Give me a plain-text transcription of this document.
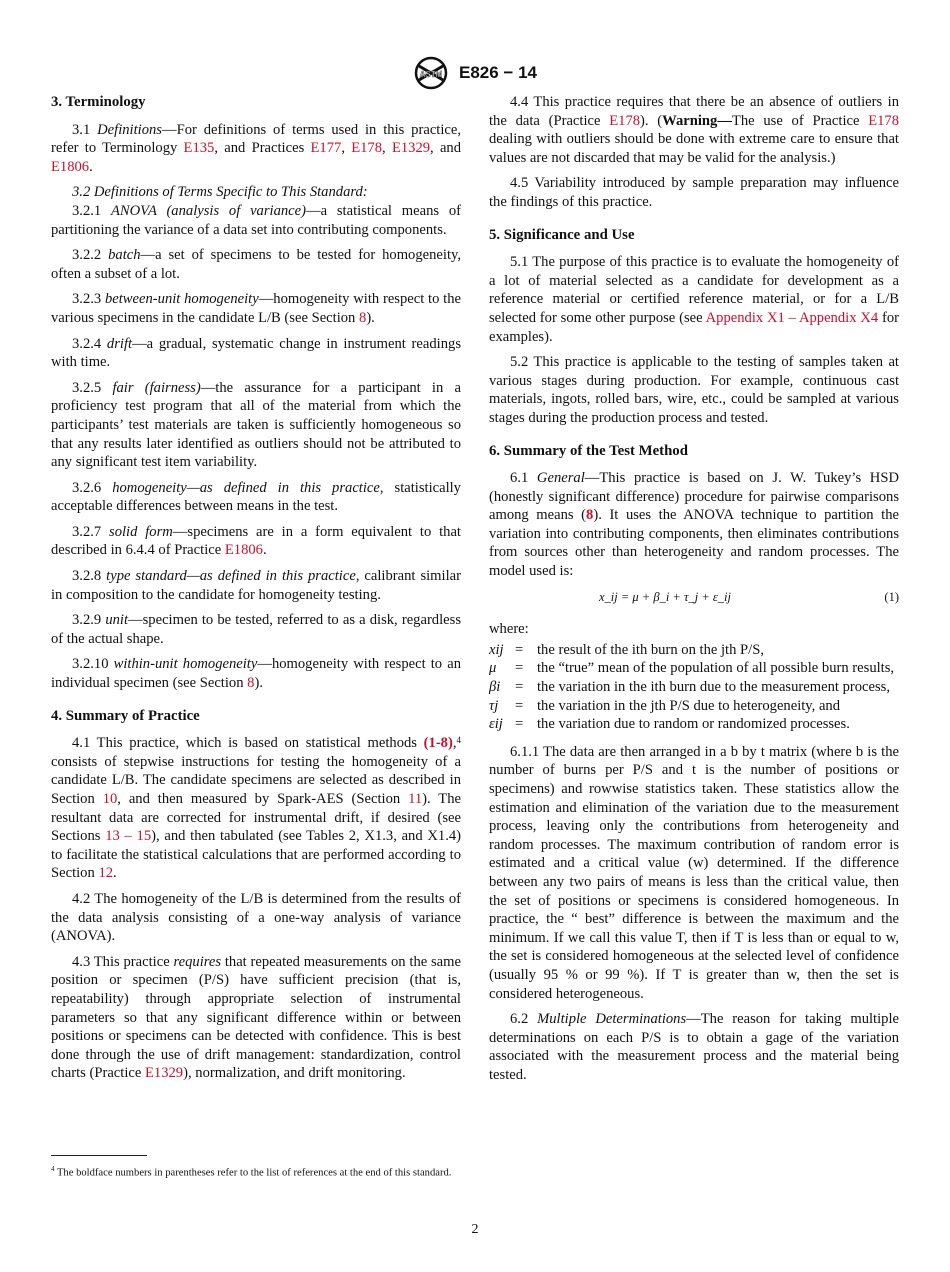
ASTM E826 − 14
3. Terminology

3.1 Definitions—For definitions of terms used in this practice, refer to Terminology E135, and Practices E177, E178, E1329, and E1806.

3.2 Definitions of Terms Specific to This Standard:

3.2.1 ANOVA (analysis of variance)—a statistical means of partitioning the variance of a data set into contributing components.

3.2.2 batch—a set of specimens to be tested for homogeneity, often a subset of a lot.

3.2.3 between-unit homogeneity—homogeneity with respect to the various specimens in the candidate L/B (see Section 8).

3.2.4 drift—a gradual, systematic change in instrument readings with time.

3.2.5 fair (fairness)—the assurance for a participant in a proficiency test program that all of the material from which the participants’ test materials are taken is sufficiently homogeneous so that any results later identified as outliers should not be attributed to any significant test item variability.

3.2.6 homogeneity—as defined in this practice, statistically acceptable differences between means in the test.

3.2.7 solid form—specimens are in a form equivalent to that described in 6.4.4 of Practice E1806.

3.2.8 type standard—as defined in this practice, calibrant similar in composition to the candidate for homogeneity testing.

3.2.9 unit—specimen to be tested, referred to as a disk, regardless of the actual shape.

3.2.10 within-unit homogeneity—homogeneity with respect to an individual specimen (see Section 8).

4. Summary of Practice

4.1 This practice, which is based on statistical methods (1-8),$^4$ consists of stepwise instructions for testing the homogeneity of a candidate L/B. The candidate specimens are selected as described in Section 10, and then measured by Spark-AES (Section 11). The resultant data are corrected for instrumental drift, if desired (see Sections 13 – 15), and then tabulated (see Tables 2, X1.3, and X1.4) to facilitate the statistical calculations that are performed according to Section 12.

4.2 The homogeneity of the L/B is determined from the results of the data analysis consisting of a one-way analysis of variance (ANOVA).

4.3 This practice requires that repeated measurements on the same position or specimen (P/S) have sufficient precision (that is, repeatability) through appropriate selection of instrumental parameters so that any significant difference within or between positions or specimens can be detected with confidence. This is best done through the use of drift management: standardization, control charts (Practice E1329), normalization, and drift monitoring.

$^4$ The boldface numbers in parentheses refer to the list of references at the end of this standard.

4.4 This practice requires that there be an absence of outliers in the data (Practice E178). (Warning—The use of Practice E178 dealing with outliers should be done with extreme care to ensure that values are not discarded that may be valid for the analysis.)

4.5 Variability introduced by sample preparation may influence the findings of this practice.

5. Significance and Use

5.1 The purpose of this practice is to evaluate the homogeneity of a lot of material selected as a candidate for development as a reference material or certified reference material, or for a L/B selected for some other purpose (see Appendix X1 – Appendix X4 for examples).

5.2 This practice is applicable to the testing of samples taken at various stages during production. For example, continuous cast materials, ingots, rolled bars, wire, etc., could be sampled at various stages during the production process and tested.

6. Summary of the Test Method

6.1 General—This practice is based on J. W. Tukey’s HSD (honestly significant difference) procedure for pairwise comparisons among means (8). It uses the ANOVA technique to partition the variation into contributing components, then eliminates contributions from sources other than heterogeneity and random processes. The model used is:

x_ij = μ + β_i + τ_j + ε_ij	(1)

where:

xij = the result of the ith burn on the jth P/S,
μ	= the “true” mean of the population of all possible burn results,
βi	= the variation in the ith burn due to the measurement process,
τj	= the variation in the jth P/S due to heterogeneity, and
εij = the variation due to random or randomized processes.

6.1.1 The data are then arranged in a b by t matrix (where b is the number of burns per P/S and t is the number of positions or specimens) and rowwise statistics taken. These statistics allow the estimation and elimination of the variation due to the measurement process, leaving only the contributions from heterogeneity and random processes. The maximum contribution of random error is estimated and a critical value (w) determined. If the difference between any two pairs of means is less than the critical value, then the set of positions or specimens is considered homogeneous. In practice, the “ best” difference is between the maximum and the minimum. If we call this value T, then if T is less than or equal to w, the set is considered homogeneous at the selected level of confidence (usually 95 % or 99 %). If T is greater than w, then the set is considered heterogeneous.

6.2 Multiple Determinations—The reason for taking multiple determinations on each P/S is to obtain a gage of the variation associated with the measurement process and the material being tested.

2
